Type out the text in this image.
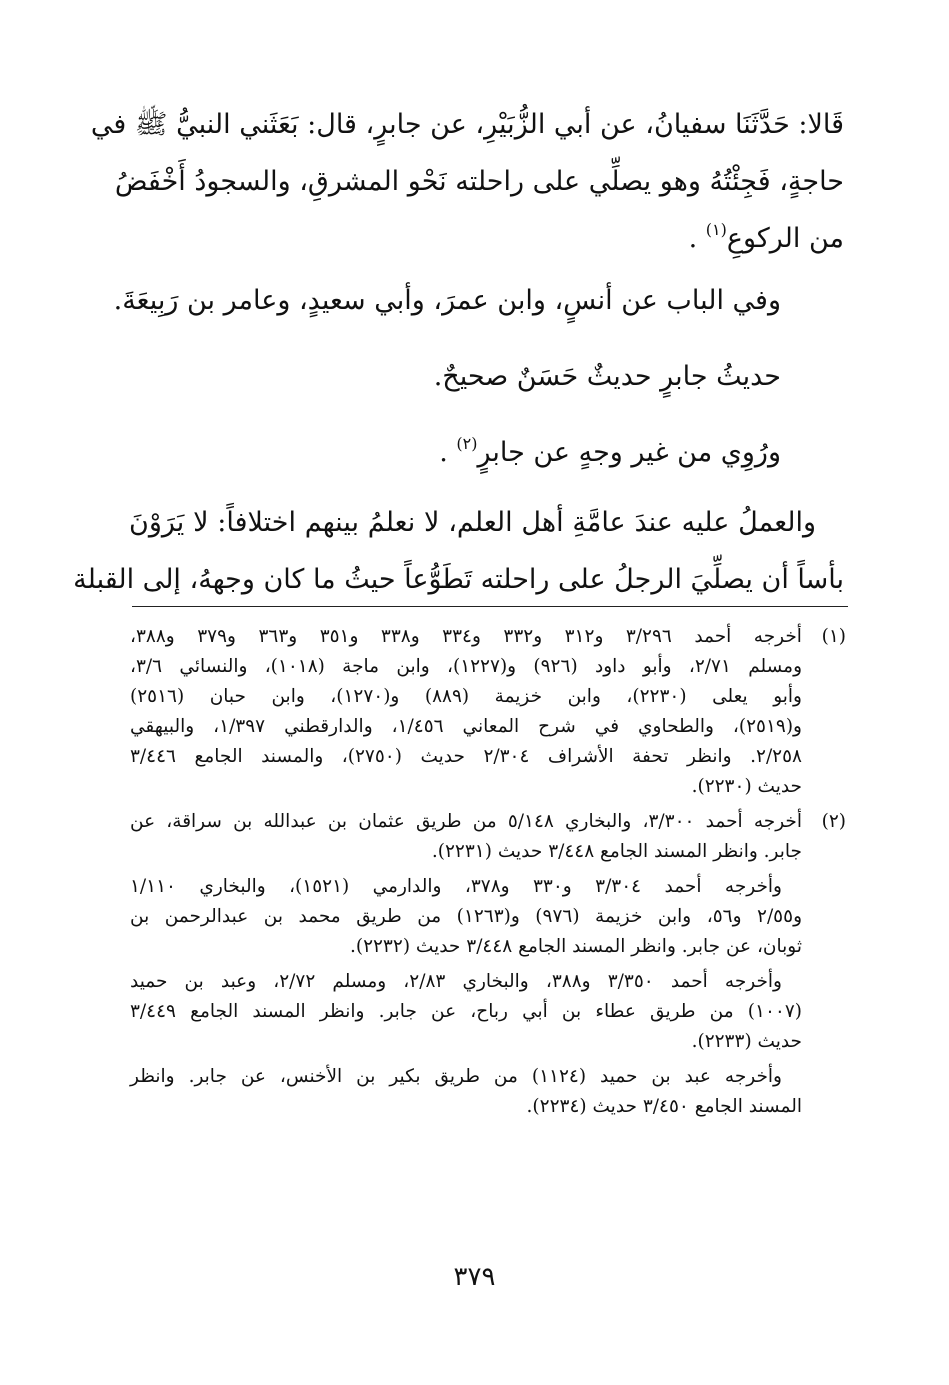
قَالا: حَدَّثَنَا سفيانُ، عن أبي الزُّبَيْرِ، عن جابرٍ، قال: بَعَثَني النبيُّ ﷺ في
حاجةٍ، فَجِئْتُهُ وهو يصلِّي على راحلته نَحْو المشرقِ، والسجودُ أَخْفَضُ
من الركوعِ$^{(١)}$ .
وفي الباب عن أنسٍ، وابن عمرَ، وأبي سعيدٍ، وعامر بن رَبِيعَةَ.
حديثُ جابرٍ حديثٌ حَسَنٌ صحيحٌ.
ورُوِي من غير وجهٍ عن جابرٍ$^{(٢)}$ .
والعملُ عليه عندَ عامَّةِ أهل العلم، لا نعلمُ بينهم اختلافاً: لا يَرَوْنَ
بأساً أن يصلِّيَ الرجلُ على راحلته تَطَوُّعاً حيثُ ما كان وجههُ، إلى القبلة
(١)
أخرجه أحمد ٣/٢٩٦ و٣١٢ و٣٣٢ و٣٣٤ و٣٣٨ و٣٥١ و٣٦٣ و٣٧٩ و٣٨٨،
ومسلم ٢/٧١، وأبو داود (٩٢٦) و(١٢٢٧)، وابن ماجة (١٠١٨)، والنسائي ٣/٦،
وأبو يعلى (٢٢٣٠)، وابن خزيمة (٨٨٩) و(١٢٧٠)، وابن حبان (٢٥١٦)
و(٢٥١٩)، والطحاوي في شرح المعاني ١/٤٥٦، والدارقطني ١/٣٩٧، والبيهقي
٢/٢٥٨. وانظر تحفة الأشراف ٢/٣٠٤ حديث (٢٧٥٠)، والمسند الجامع ٣/٤٤٦
حديث (٢٢٣٠).
(٢)
أخرجه أحمد ٣/٣٠٠، والبخاري ٥/١٤٨ من طريق عثمان بن عبدالله بن سراقة، عن
جابر. وانظر المسند الجامع ٣/٤٤٨ حديث (٢٢٣١).
وأخرجه أحمد ٣/٣٠٤ و٣٣٠ و٣٧٨، والدارمي (١٥٢١)، والبخاري ١/١١٠
و٢/٥٥ و٥٦، وابن خزيمة (٩٧٦) و(١٢٦٣) من طريق محمد بن عبدالرحمن بن
ثوبان، عن جابر. وانظر المسند الجامع ٣/٤٤٨ حديث (٢٢٣٢).
وأخرجه أحمد ٣/٣٥٠ و٣٨٨، والبخاري ٢/٨٣، ومسلم ٢/٧٢، وعبد بن حميد
(١٠٠٧) من طريق عطاء بن أبي رباح، عن جابر. وانظر المسند الجامع ٣/٤٤٩
حديث (٢٢٣٣).
وأخرجه عبد بن حميد (١١٢٤) من طريق بكير بن الأخنس، عن جابر. وانظر
المسند الجامع ٣/٤٥٠ حديث (٢٢٣٤).
٣٧٩
